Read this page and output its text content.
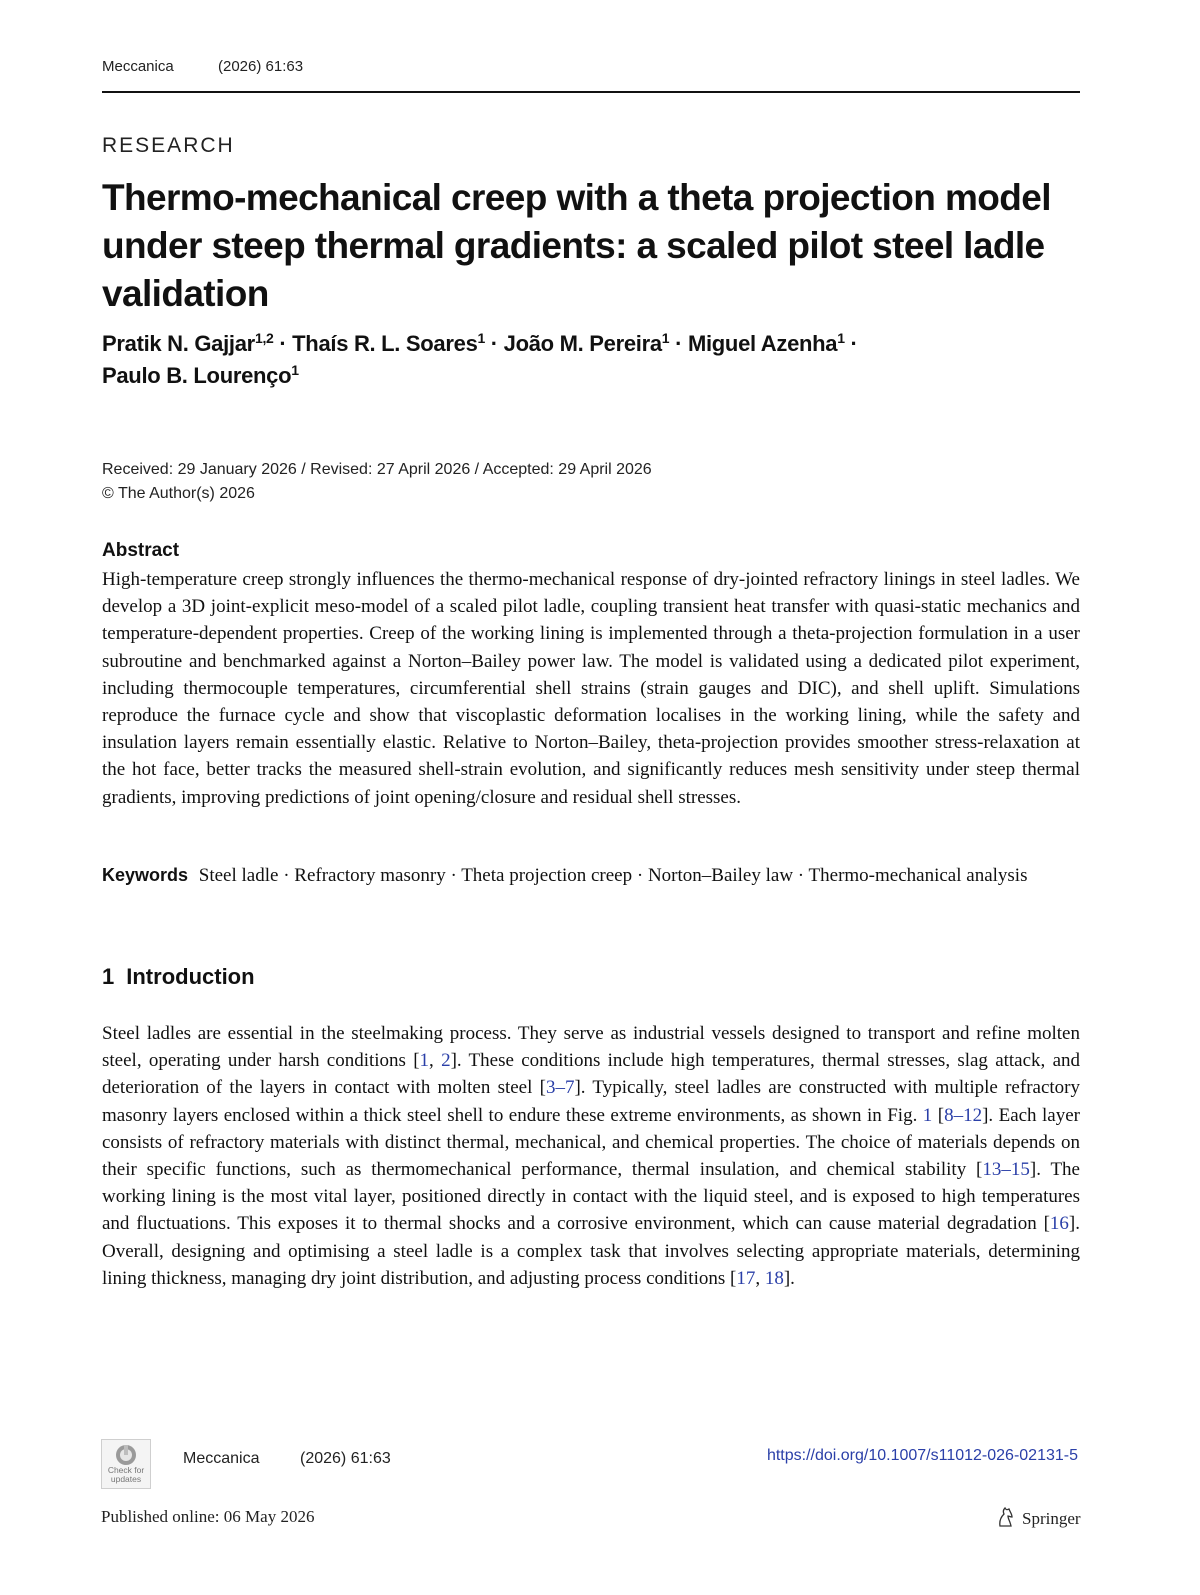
Meccanica	(2026) 61:63
RESEARCH
Thermo-mechanical creep with a theta projection model under steep thermal gradients: a scaled pilot steel ladle validation
Pratik N. Gajjar$^{1,2}$ · Thaís R. L. Soares$^1$ · João M. Pereira$^1$ · Miguel Azenha$^1$ ·
Paulo B. Lourenço$^1$
Received: 29 January 2026 / Revised: 27 April 2026 / Accepted: 29 April 2026
© The Author(s) 2026
Abstract
High-temperature creep strongly influences the thermo-mechanical response of dry-jointed refractory linings in steel ladles. We develop a 3D joint-explicit meso-model of a scaled pilot ladle, coupling transient heat transfer with quasi-static mechanics and temperature-dependent properties. Creep of the working lining is implemented through a theta-projection formulation in a user subroutine and benchmarked against a Norton–Bailey power law. The model is validated using a dedicated pilot experiment, including thermocouple temperatures, circumferential shell strains (strain gauges and DIC), and shell uplift. Simulations reproduce the furnace cycle and show that viscoplastic deformation localises in the working lining, while the safety and insulation layers remain essentially elastic. Relative to Norton–Bailey, theta-projection provides smoother stress-relaxation at the hot face, better tracks the measured shell-strain evolution, and significantly reduces mesh sensitivity under steep thermal gradients, improving predictions of joint opening/closure and residual shell stresses.
Keywords Steel ladle · Refractory masonry · Theta projection creep · Norton–Bailey law · Thermo-mechanical analysis
1 Introduction
Steel ladles are essential in the steelmaking process. They serve as industrial vessels designed to transport and refine molten steel, operating under harsh conditions [1, 2]. These conditions include high temperatures, thermal stresses, slag attack, and deterioration of the layers in contact with molten steel [3–7]. Typically, steel ladles are constructed with multiple refractory masonry layers enclosed within a thick steel shell to endure these extreme environments, as shown in Fig. 1 [8–12]. Each layer consists of refractory materials with distinct thermal, mechanical, and chemical properties. The choice of materials depends on their specific functions, such as thermomechanical performance, thermal insulation, and chemical stability [13–15]. The working lining is the most vital layer, positioned directly in contact with the liquid steel, and is exposed to high temperatures and fluctuations. This exposes it to thermal shocks and a corrosive environment, which can cause material degradation [16]. Overall, designing and optimising a steel ladle is a complex task that involves selecting appropriate materials, determining lining thickness, managing dry joint distribution, and adjusting process conditions [17, 18].
Check for updates
Meccanica	(2026) 61:63	https://doi.org/10.1007/s11012-026-02131-5
Published online: 06 May 2026	Springer
